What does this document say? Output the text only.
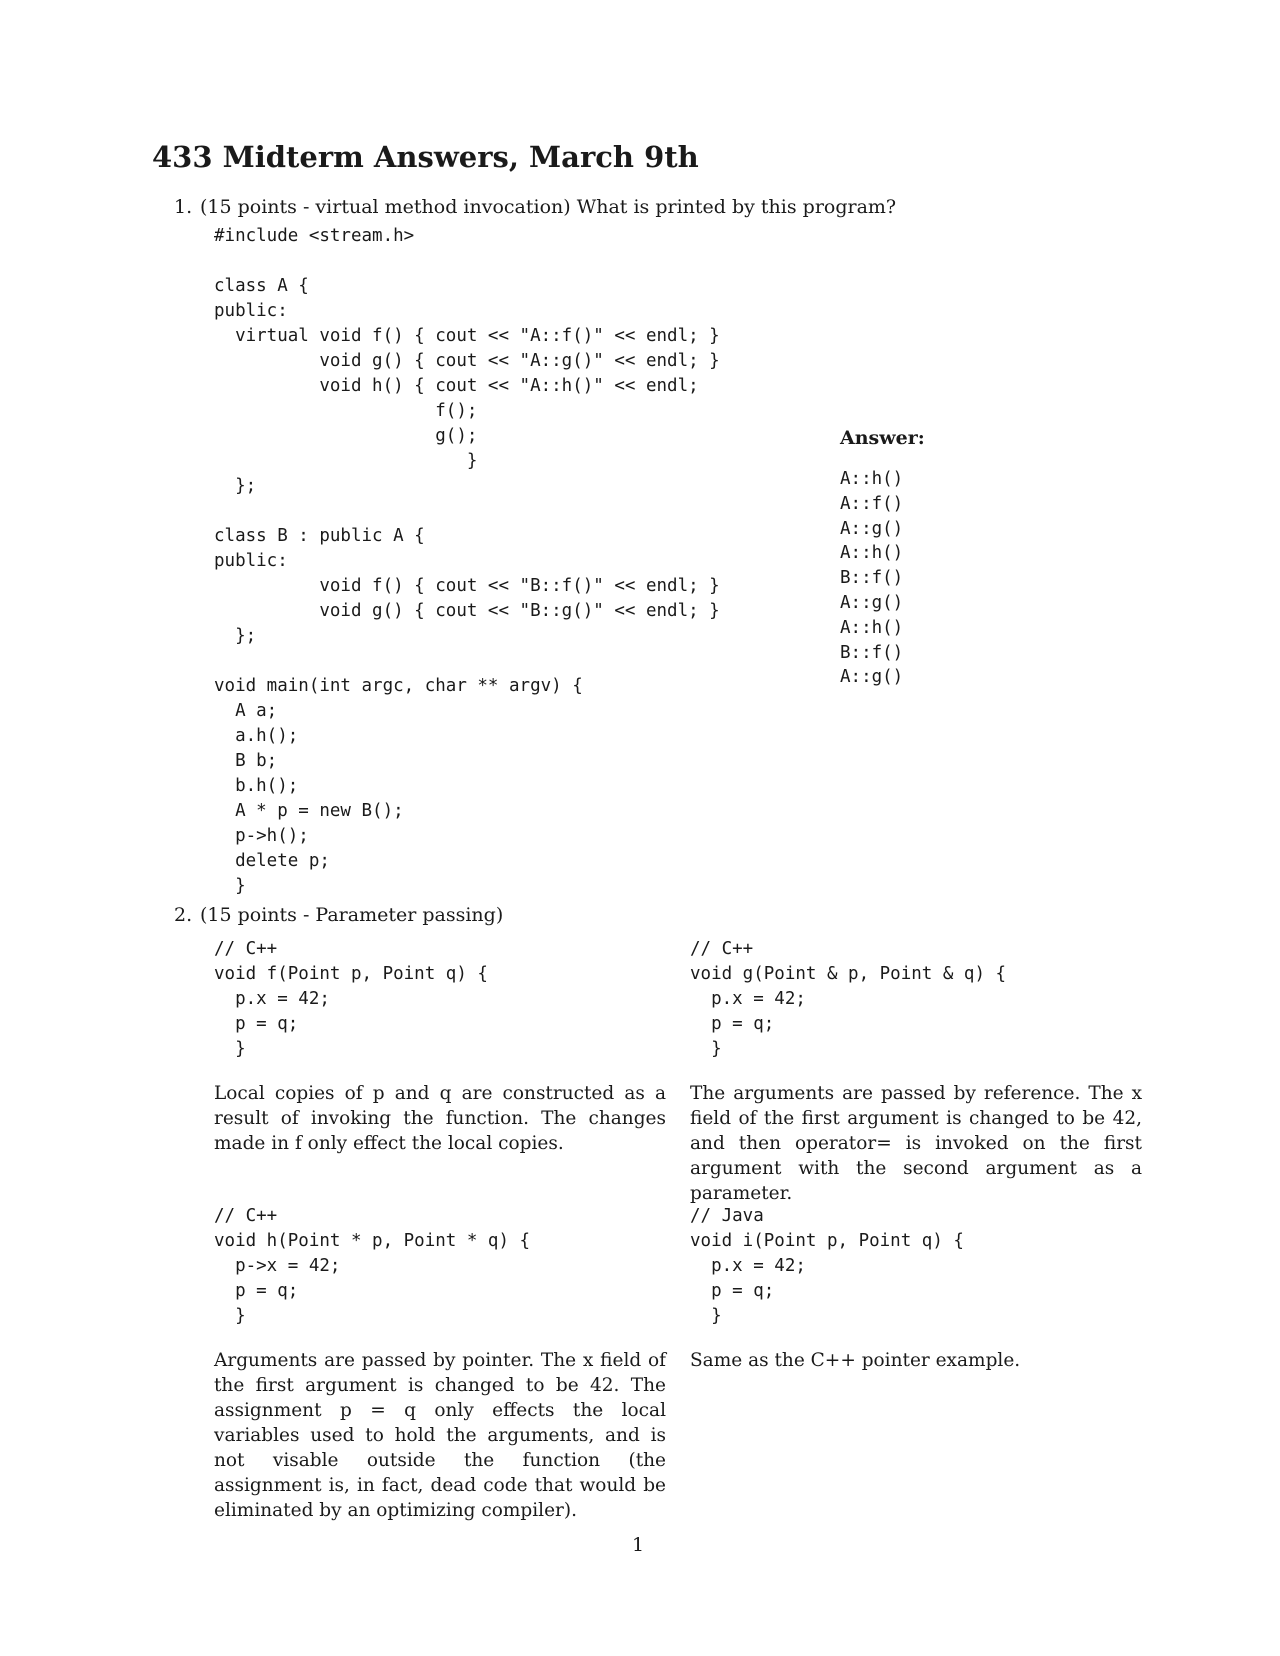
433 Midterm Answers, March 9th
1. (15 points - virtual method invocation) What is printed by this program?
#include <stream.h>

class A {
public:
virtual void f() { cout << "A::f()" << endl; }
void g() { cout << "A::g()" << endl; }
void h() { cout << "A::h()" << endl;
f();
g();
}
};

class B : public A {
public:
void f() { cout << "B::f()" << endl; }
void g() { cout << "B::g()" << endl; }
};

void main(int argc, char ** argv) {
A a;
a.h();
B b;
b.h();
A * p = new B();
p->h();
delete p;
}
Answer:
A::h()
A::f()
A::g()
A::h()
B::f()
A::g()
A::h()
B::f()
A::g()
2. (15 points - Parameter passing)
// C++
void f(Point p, Point q) {
p.x = 42;
p = q;
}

Local copies of p and q are constructed as a result of invoking the function. The changes made in f only effect the local copies.

// C++
void g(Point & p, Point & q) {
p.x = 42;
p = q;
}

The arguments are passed by reference. The x field of the first argument is changed to be 42, and then operator= is invoked on the first argument with the second argument as a parameter.

// C++
void h(Point * p, Point * q) {
p->x = 42;
p = q;
}

Arguments are passed by pointer. The x field of the first argument is changed to be 42. The assignment p = q only effects the local variables used to hold the arguments, and is not visable outside the function (the assignment is, in fact, dead code that would be eliminated by an optimizing compiler).

// Java
void i(Point p, Point q) {
p.x = 42;
p = q;
}

Same as the C++ pointer example.

1
